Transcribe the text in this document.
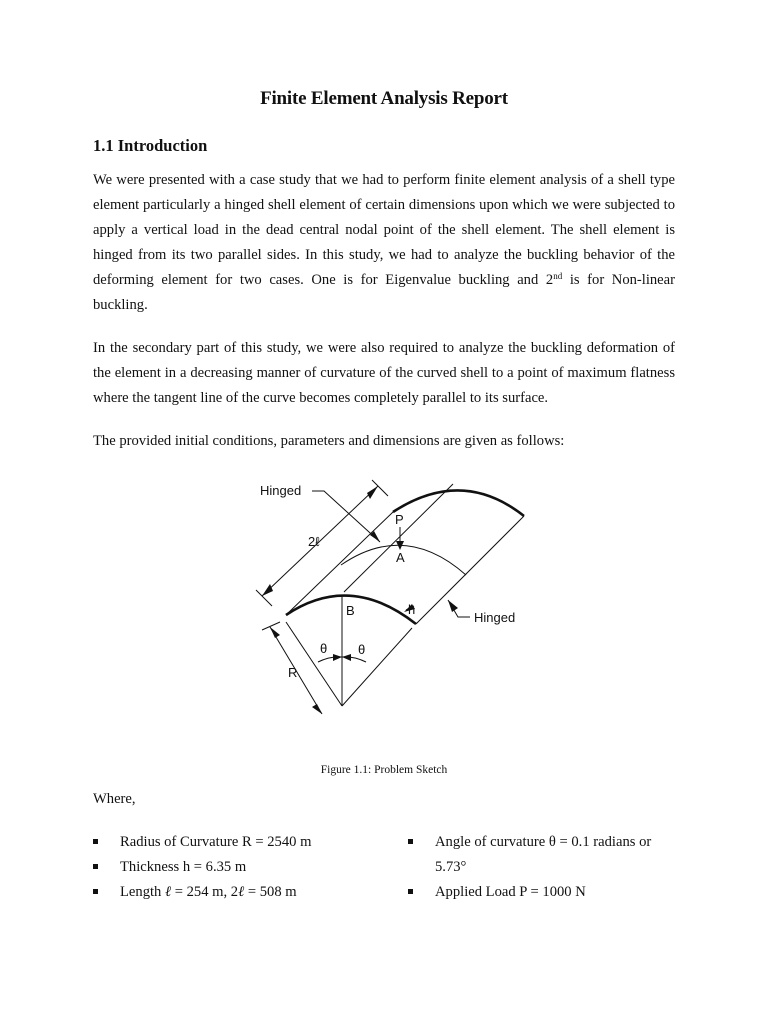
Finite Element Analysis Report
1.1 Introduction

We were presented with a case study that we had to perform finite element analysis of a shell type element particularly a hinged shell element of certain dimensions upon which we were subjected to apply a vertical load in the dead central nodal point of the shell element. The shell element is hinged from its two parallel sides. In this study, we had to analyze the buckling behavior of the deforming element for two cases. One is for Eigenvalue buckling and 2nd is for Non-linear buckling.

In the secondary part of this study, we were also required to analyze the buckling deformation of the element in a decreasing manner of curvature of the curved shell to a point of maximum flatness where the tangent line of the curve becomes completely parallel to its surface.

The provided initial conditions, parameters and dimensions are given as follows:

Hinged
Hinged
2ℓ
P
A
B	h
θ θ
R
Figure 1.1: Problem Sketch
Where,
Radius of Curvature R = 2540 m
Thickness h = 6.35 m
Length ℓ = 254 m, 2ℓ = 508 m
Angle of curvature θ = 0.1 radians or 5.73°
Applied Load P = 1000 N
